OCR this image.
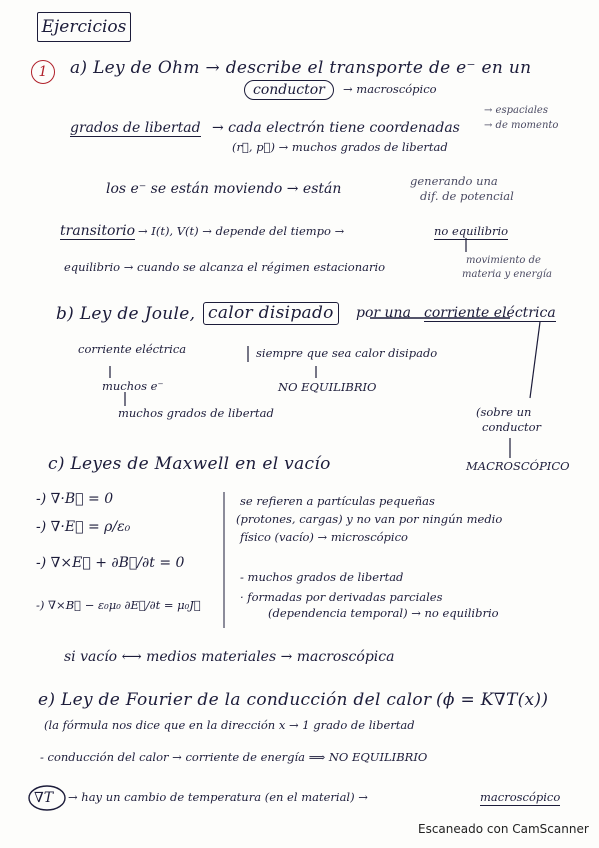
Ejercicios
1	a) Ley de Ohm → describe el transporte de e⁻ en un
conductor	→ macroscópico
grados de libertad → cada electrón tiene coordenadas
→ espaciales
→ de momento
(r⃗, p⃗) → muchos grados de libertad
los e⁻ se están moviendo → están	generando una
dif. de potencial
transitorio → I(t), V(t) → depende del tiempo →	no equilibrio
equilibrio → cuando se alcanza el régimen estacionario	movimiento de
materia y energía
b) Ley de Joule, calor disipado	por una corriente eléctrica
corriente eléctrica	siempre que sea calor disipado
muchos e⁻	NO EQUILIBRIO
muchos grados de libertad	(sobre un
conductor
MACROSCÓPICO
c) Leyes de Maxwell en el vacío
-) ∇·B⃗ = 0
-) ∇·E⃗ = ρ/ε₀
-) ∇×E⃗ + ∂B⃗/∂t = 0
-) ∇×B⃗ − ε₀μ₀ ∂E⃗/∂t = μ₀J⃗
se refieren a partículas pequeñas
(protones, cargas) y no van por ningún medio
físico (vacío) → microscópico
- muchos grados de libertad
· formadas por derivadas parciales
(dependencia temporal) → no equilibrio
si vacío ⟷ medios materiales → macroscópica
e) Ley de Fourier de la conducción del calor (ϕ = K∇T(x))
(la fórmula nos dice que en la dirección x → 1 grado de libertad
- conducción del calor → corriente de energía ⟹ NO EQUILIBRIO
∇T → hay un cambio de temperatura (en el material) →	macroscópico
Escaneado con CamScanner
